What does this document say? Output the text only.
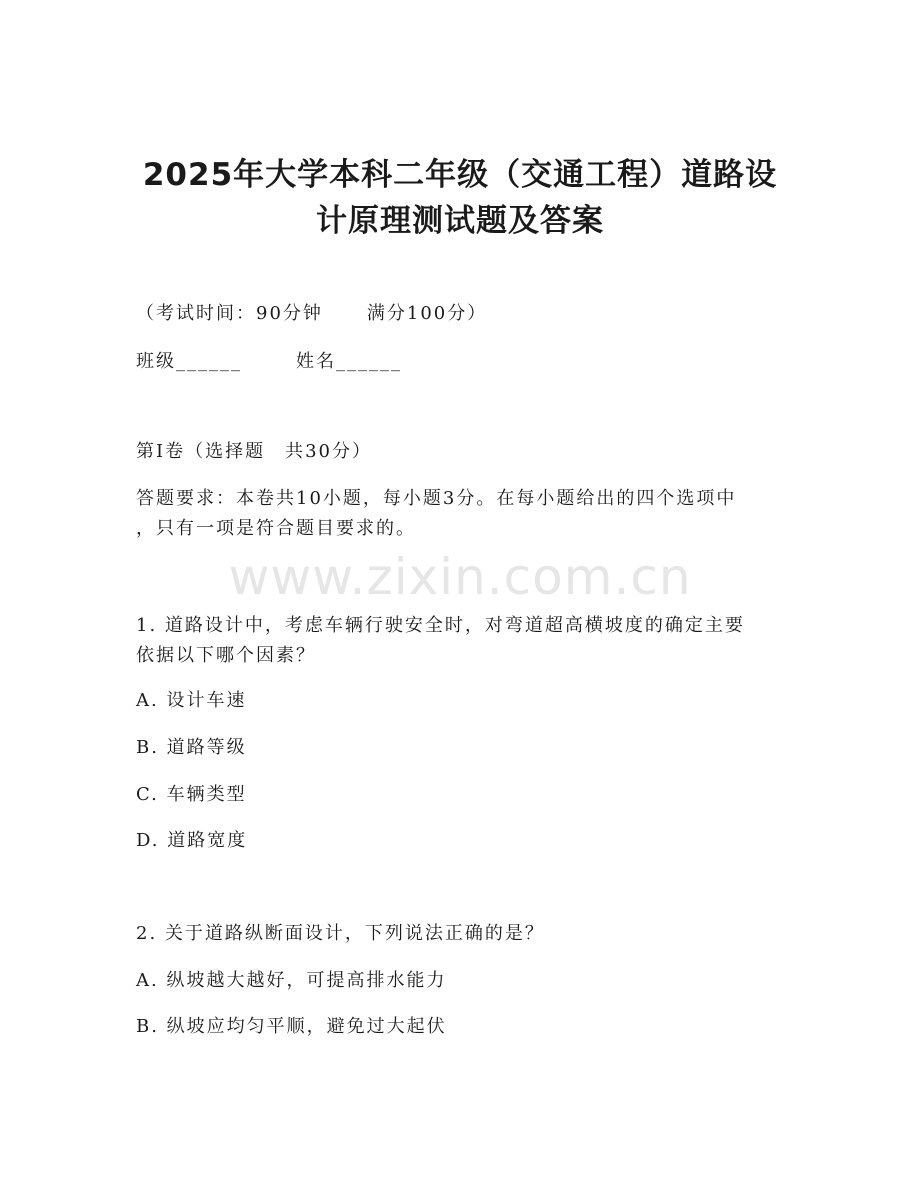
www.zixin.com.cn
2025年大学本科二年级（交通工程）道路设
计原理测试题及答案
（考试时间：90分钟 满分100分）
班级______	姓名______
第Ⅰ卷（选择题　共30分）
答题要求：本卷共10小题，每小题3分。在每小题给出的四个选项中
，只有一项是符合题目要求的。
1. 道路设计中，考虑车辆行驶安全时，对弯道超高横坡度的确定主要
依据以下哪个因素？
A. 设计车速
B. 道路等级
C. 车辆类型
D. 道路宽度
2. 关于道路纵断面设计，下列说法正确的是？
A. 纵坡越大越好，可提高排水能力
B. 纵坡应均匀平顺，避免过大起伏
